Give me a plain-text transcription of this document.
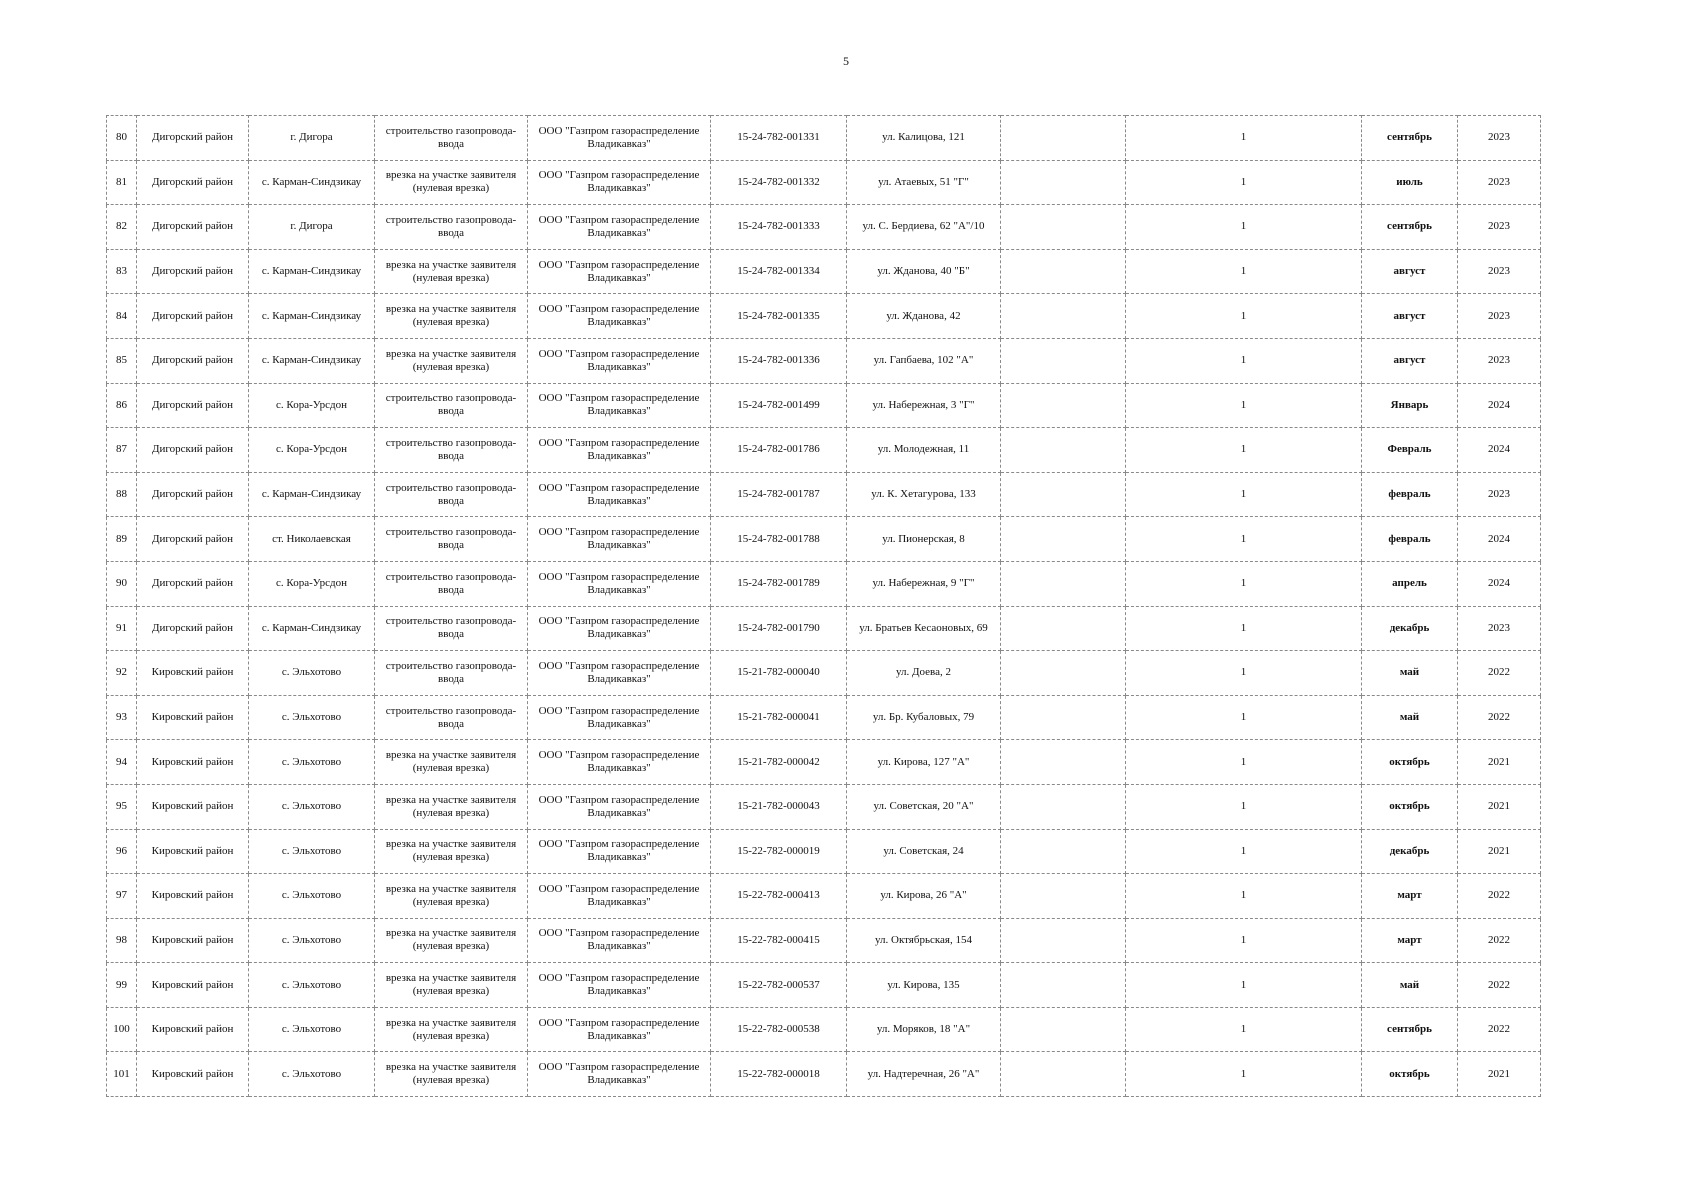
5
80	Дигорский район	г. Дигора	строительство газопровода-ввода	ООО "Газпром газораспределение Владикавказ"	15-24-782-001331	ул. Калицова, 121		1	сентябрь	2023
81	Дигорский район	с. Карман-Синдзикау	врезка на участке заявителя (нулевая врезка)	ООО "Газпром газораспределение Владикавказ"	15-24-782-001332	ул. Атаевых, 51 "Г"		1	июль	2023
82	Дигорский район	г. Дигора	строительство газопровода-ввода	ООО "Газпром газораспределение Владикавказ"	15-24-782-001333	ул. С. Бердиева, 62 "А"/10		1	сентябрь	2023
83	Дигорский район	с. Карман-Синдзикау	врезка на участке заявителя (нулевая врезка)	ООО "Газпром газораспределение Владикавказ"	15-24-782-001334	ул. Жданова, 40 "Б"		1	август	2023
84	Дигорский район	с. Карман-Синдзикау	врезка на участке заявителя (нулевая врезка)	ООО "Газпром газораспределение Владикавказ"	15-24-782-001335	ул. Жданова, 42		1	август	2023
85	Дигорский район	с. Карман-Синдзикау	врезка на участке заявителя (нулевая врезка)	ООО "Газпром газораспределение Владикавказ"	15-24-782-001336	ул. Гапбаева, 102 "А"		1	август	2023
86	Дигорский район	с. Кора-Урсдон	строительство газопровода-ввода	ООО "Газпром газораспределение Владикавказ"	15-24-782-001499	ул. Набережная, 3 "Г"		1	Январь	2024
87	Дигорский район	с. Кора-Урсдон	строительство газопровода-ввода	ООО "Газпром газораспределение Владикавказ"	15-24-782-001786	ул. Молодежная, 11		1	Февраль	2024
88	Дигорский район	с. Карман-Синдзикау	строительство газопровода-ввода	ООО "Газпром газораспределение Владикавказ"	15-24-782-001787	ул. К. Хетагурова, 133		1	февраль	2023
89	Дигорский район	ст. Николаевская	строительство газопровода-ввода	ООО "Газпром газораспределение Владикавказ"	15-24-782-001788	ул. Пионерская, 8		1	февраль	2024
90	Дигорский район	с. Кора-Урсдон	строительство газопровода-ввода	ООО "Газпром газораспределение Владикавказ"	15-24-782-001789	ул. Набережная, 9 "Г"		1	апрель	2024
91	Дигорский район	с. Карман-Синдзикау	строительство газопровода-ввода	ООО "Газпром газораспределение Владикавказ"	15-24-782-001790	ул. Братьев Кесаоновых, 69		1	декабрь	2023
92	Кировский район	с. Эльхотово	строительство газопровода-ввода	ООО "Газпром газораспределение Владикавказ"	15-21-782-000040	ул. Доева, 2		1	май	2022
93	Кировский район	с. Эльхотово	строительство газопровода-ввода	ООО "Газпром газораспределение Владикавказ"	15-21-782-000041	ул. Бр. Кубаловых, 79		1	май	2022
94	Кировский район	с. Эльхотово	врезка на участке заявителя (нулевая врезка)	ООО "Газпром газораспределение Владикавказ"	15-21-782-000042	ул. Кирова, 127 "А"		1	октябрь	2021
95	Кировский район	с. Эльхотово	врезка на участке заявителя (нулевая врезка)	ООО "Газпром газораспределение Владикавказ"	15-21-782-000043	ул. Советская, 20 "А"		1	октябрь	2021
96	Кировский район	с. Эльхотово	врезка на участке заявителя (нулевая врезка)	ООО "Газпром газораспределение Владикавказ"	15-22-782-000019	ул. Советская, 24		1	декабрь	2021
97	Кировский район	с. Эльхотово	врезка на участке заявителя (нулевая врезка)	ООО "Газпром газораспределение Владикавказ"	15-22-782-000413	ул. Кирова, 26 "А"		1	март	2022
98	Кировский район	с. Эльхотово	врезка на участке заявителя (нулевая врезка)	ООО "Газпром газораспределение Владикавказ"	15-22-782-000415	ул. Октябрьская, 154		1	март	2022
99	Кировский район	с. Эльхотово	врезка на участке заявителя (нулевая врезка)	ООО "Газпром газораспределение Владикавказ"	15-22-782-000537	ул. Кирова, 135		1	май	2022
100	Кировский район	с. Эльхотово	врезка на участке заявителя (нулевая врезка)	ООО "Газпром газораспределение Владикавказ"	15-22-782-000538	ул. Моряков, 18 "А"		1	сентябрь	2022
101	Кировский район	с. Эльхотово	врезка на участке заявителя (нулевая врезка)	ООО "Газпром газораспределение Владикавказ"	15-22-782-000018	ул. Надтеречная, 26 "А"		1	октябрь	2021
